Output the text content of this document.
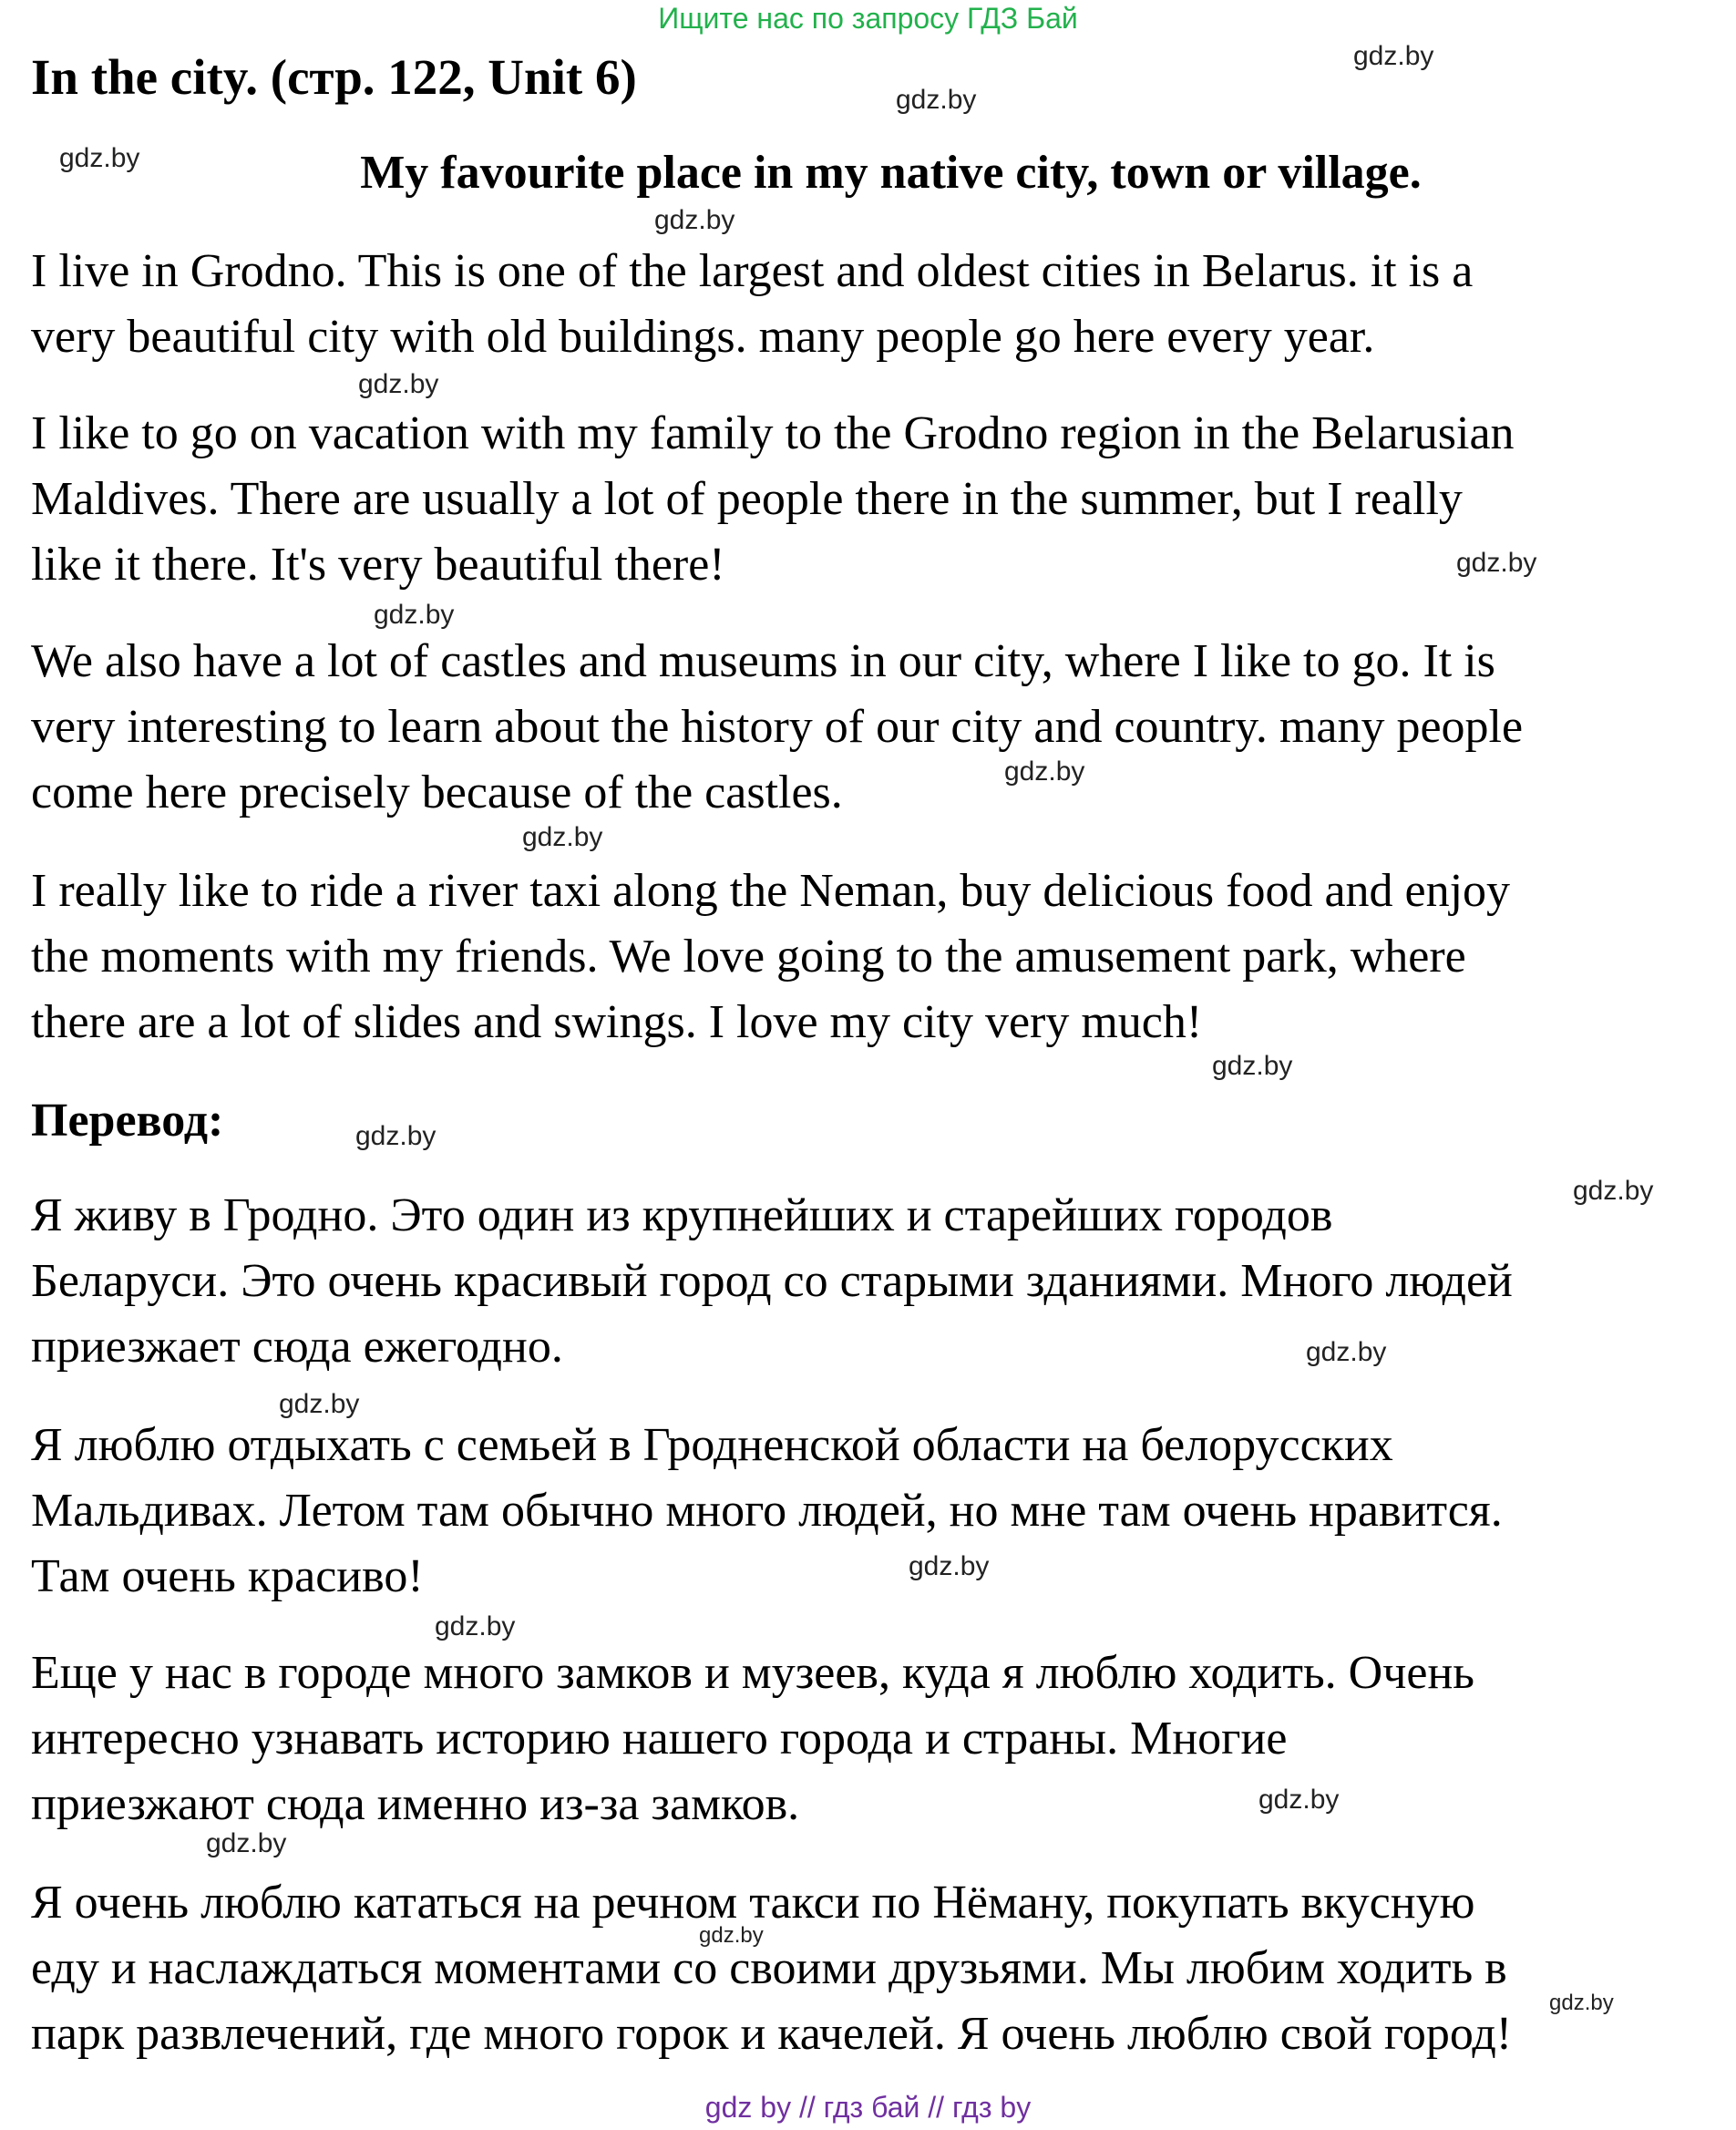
Ищите нас по запросу ГДЗ Бай
In the city. (стр. 122, Unit 6)
My favourite place in my native city, town or village.

I live in Grodno. This is one of the largest and oldest cities in Belarus. it is a
very beautiful city with old buildings. many people go here every year.

I like to go on vacation with my family to the Grodno region in the Belarusian
Maldives. There are usually a lot of people there in the summer, but I really
like it there. It's very beautiful there!

We also have a lot of castles and museums in our city, where I like to go. It is
very interesting to learn about the history of our city and country. many people
come here precisely because of the castles.

I really like to ride a river taxi along the Neman, buy delicious food and enjoy
the moments with my friends. We love going to the amusement park, where
there are a lot of slides and swings. I love my city very much!

Перевод:

Я живу в Гродно. Это один из крупнейших и старейших городов
Беларуси. Это очень красивый город со старыми зданиями. Много людей
приезжает сюда ежегодно.

Я люблю отдыхать с семьей в Гродненской области на белорусских
Мальдивах. Летом там обычно много людей, но мне там очень нравится.
Там очень красиво!

Еще у нас в городе много замков и музеев, куда я люблю ходить. Очень
интересно узнавать историю нашего города и страны. Многие
приезжают сюда именно из-за замков.

Я очень люблю кататься на речном такси по Нёману, покупать вкусную
еду и наслаждаться моментами со своими друзьями. Мы любим ходить в
парк развлечений, где много горок и качелей. Я очень люблю свой город!

gdz.by
gdz.by
gdz.by
gdz.by
gdz.by
gdz.by
gdz.by
gdz.by
gdz.by
gdz.by
gdz.by
gdz.by
gdz.by
gdz.by
gdz.by
gdz.by
gdz.by
gdz.by
gdz.by
gdz.by
gdz by // гдз бай // гдз by
